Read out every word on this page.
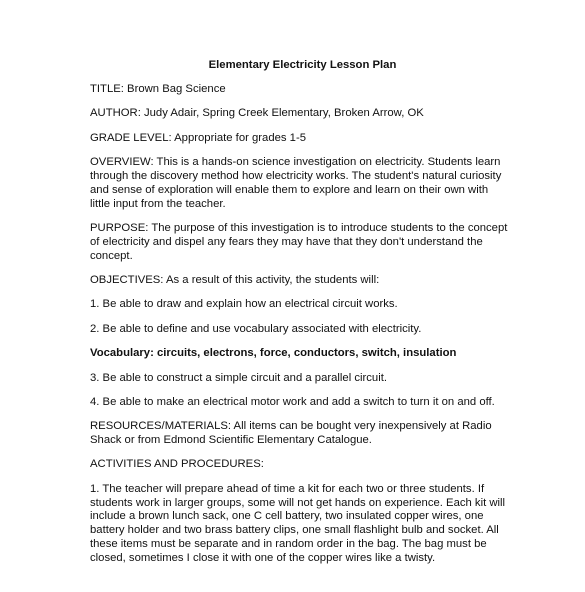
Elementary Electricity Lesson Plan

TITLE: Brown Bag Science

AUTHOR: Judy Adair, Spring Creek Elementary, Broken Arrow, OK

GRADE LEVEL: Appropriate for grades 1-5

OVERVIEW: This is a hands-on science investigation on electricity. Students learn through the discovery method how electricity works. The student's natural curiosity and sense of exploration will enable them to explore and learn on their own with little input from the teacher.

PURPOSE: The purpose of this investigation is to introduce students to the concept of electricity and dispel any fears they may have that they don't understand the concept.

OBJECTIVES: As a result of this activity, the students will:

1. Be able to draw and explain how an electrical circuit works.

2. Be able to define and use vocabulary associated with electricity.

Vocabulary: circuits, electrons, force, conductors, switch, insulation

3. Be able to construct a simple circuit and a parallel circuit.

4. Be able to make an electrical motor work and add a switch to turn it on and off.

RESOURCES/MATERIALS: All items can be bought very inexpensively at Radio Shack or from Edmond Scientific Elementary Catalogue.

ACTIVITIES AND PROCEDURES:

1. The teacher will prepare ahead of time a kit for each two or three students. If students work in larger groups, some will not get hands on experience. Each kit will include a brown lunch sack, one C cell battery, two insulated copper wires, one battery holder and two brass battery clips, one small flashlight bulb and socket. All these items must be separate and in random order in the bag. The bag must be closed, sometimes I close it with one of the copper wires like a twisty.
